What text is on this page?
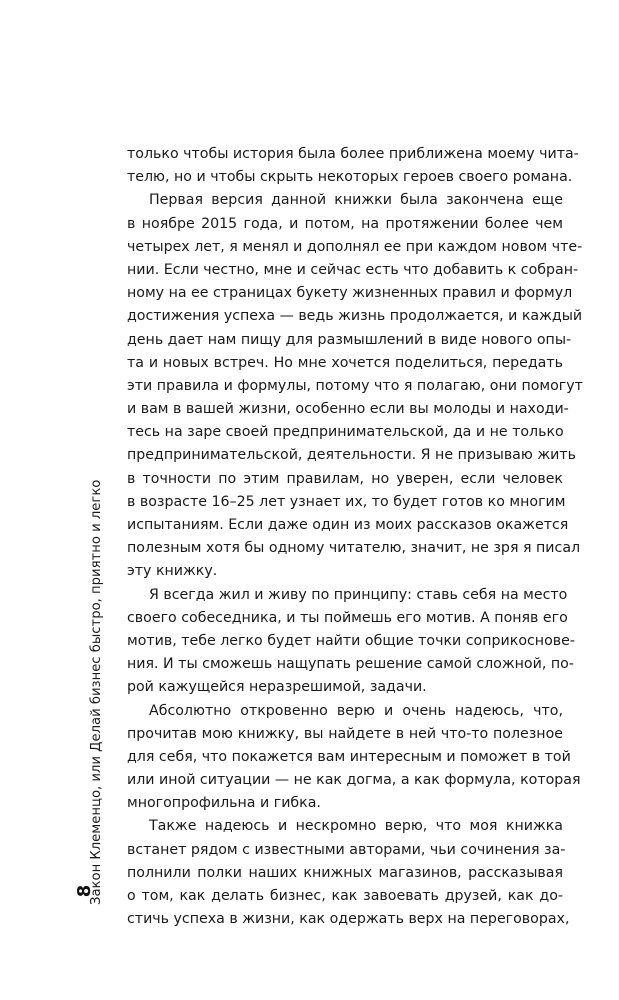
Закон Клеменцо, или Делай бизнес быстро, приятно и легко
8
только чтобы история была более приближена моему чита-
телю, но и чтобы скрыть некоторых героев своего романа.
Первая версия данной книжки была закончена еще
в ноябре 2015 года, и потом, на протяжении более чем
четырех лет, я менял и дополнял ее при каждом новом чте-
нии. Если честно, мне и сейчас есть что добавить к собран-
ному на ее страницах букету жизненных правил и формул
достижения успеха — ведь жизнь продолжается, и каждый
день дает нам пищу для размышлений в виде нового опы-
та и новых встреч. Но мне хочется поделиться, передать
эти правила и формулы, потому что я полагаю, они помогут
и вам в вашей жизни, особенно если вы молоды и находи-
тесь на заре своей предпринимательской, да и не только
предпринимательской, деятельности. Я не призываю жить
в точности по этим правилам, но уверен, если человек
в возрасте 16–25 лет узнает их, то будет готов ко многим
испытаниям. Если даже один из моих рассказов окажется
полезным хотя бы одному читателю, значит, не зря я писал
эту книжку.
Я всегда жил и живу по принципу: ставь себя на место
своего собеседника, и ты поймешь его мотив. А поняв его
мотив, тебе легко будет найти общие точки соприкоснове-
ния. И ты сможешь нащупать решение самой сложной, по-
рой кажущейся неразрешимой, задачи.
Абсолютно откровенно верю и очень надеюсь, что,
прочитав мою книжку, вы найдете в ней что-то полезное
для себя, что покажется вам интересным и поможет в той
или иной ситуации — не как догма, а как формула, которая
многопрофильна и гибка.
Также надеюсь и нескромно верю, что моя книжка
встанет рядом с известными авторами, чьи сочинения за-
полнили полки наших книжных магазинов, рассказывая
о том, как делать бизнес, как завоевать друзей, как до-
стичь успеха в жизни, как одержать верх на переговорах,
